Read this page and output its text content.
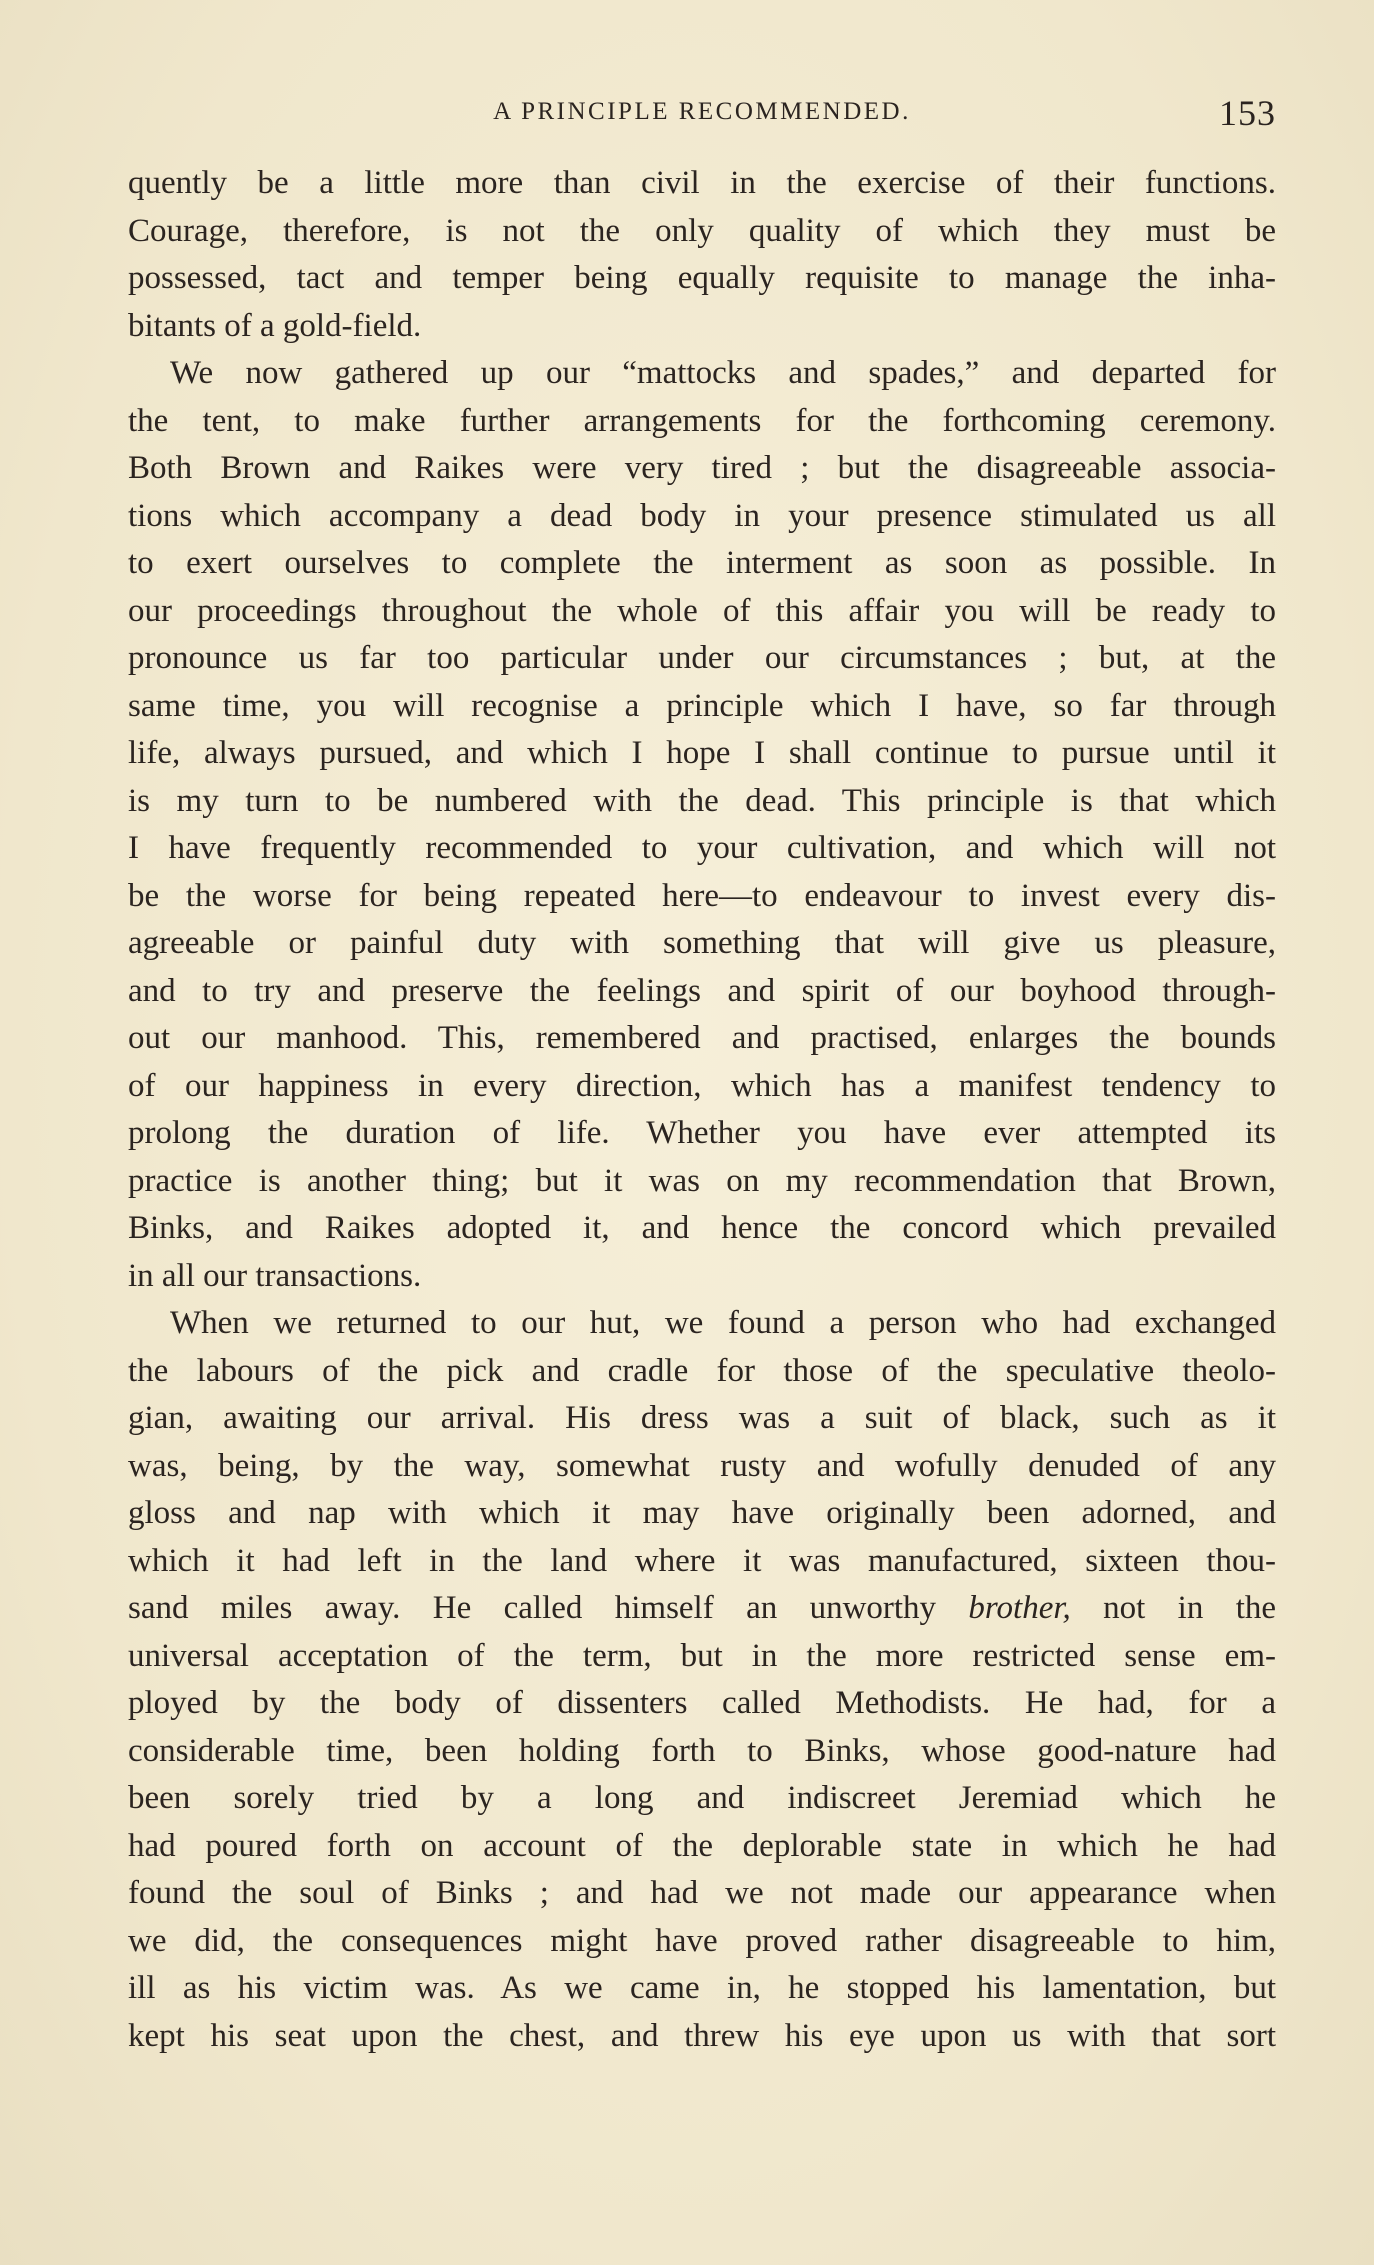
A PRINCIPLE RECOMMENDED.	153
quently be a little more than civil in the exercise of their functions.
Courage, therefore, is not the only quality of which they must be
possessed, tact and temper being equally requisite to manage the inha-
bitants of a gold-field.
We now gathered up our “mattocks and spades,” and departed for
the tent, to make further arrangements for the forthcoming ceremony.
Both Brown and Raikes were very tired ; but the disagreeable associa-
tions which accompany a dead body in your presence stimulated us all
to exert ourselves to complete the interment as soon as possible. In
our proceedings throughout the whole of this affair you will be ready to
pronounce us far too particular under our circumstances ; but, at the
same time, you will recognise a principle which I have, so far through
life, always pursued, and which I hope I shall continue to pursue until it
is my turn to be numbered with the dead. This principle is that which
I have frequently recommended to your cultivation, and which will not
be the worse for being repeated here—to endeavour to invest every dis-
agreeable or painful duty with something that will give us pleasure,
and to try and preserve the feelings and spirit of our boyhood through-
out our manhood. This, remembered and practised, enlarges the bounds
of our happiness in every direction, which has a manifest tendency to
prolong the duration of life. Whether you have ever attempted its
practice is another thing; but it was on my recommendation that Brown,
Binks, and Raikes adopted it, and hence the concord which prevailed
in all our transactions.
When we returned to our hut, we found a person who had exchanged
the labours of the pick and cradle for those of the speculative theolo-
gian, awaiting our arrival. His dress was a suit of black, such as it
was, being, by the way, somewhat rusty and wofully denuded of any
gloss and nap with which it may have originally been adorned, and
which it had left in the land where it was manufactured, sixteen thou-
sand miles away. He called himself an unworthy brother, not in the
universal acceptation of the term, but in the more restricted sense em-
ployed by the body of dissenters called Methodists. He had, for a
considerable time, been holding forth to Binks, whose good-nature had
been sorely tried by a long and indiscreet Jeremiad which he
had poured forth on account of the deplorable state in which he had
found the soul of Binks ; and had we not made our appearance when
we did, the consequences might have proved rather disagreeable to him,
ill as his victim was. As we came in, he stopped his lamentation, but
kept his seat upon the chest, and threw his eye upon us with that sort
